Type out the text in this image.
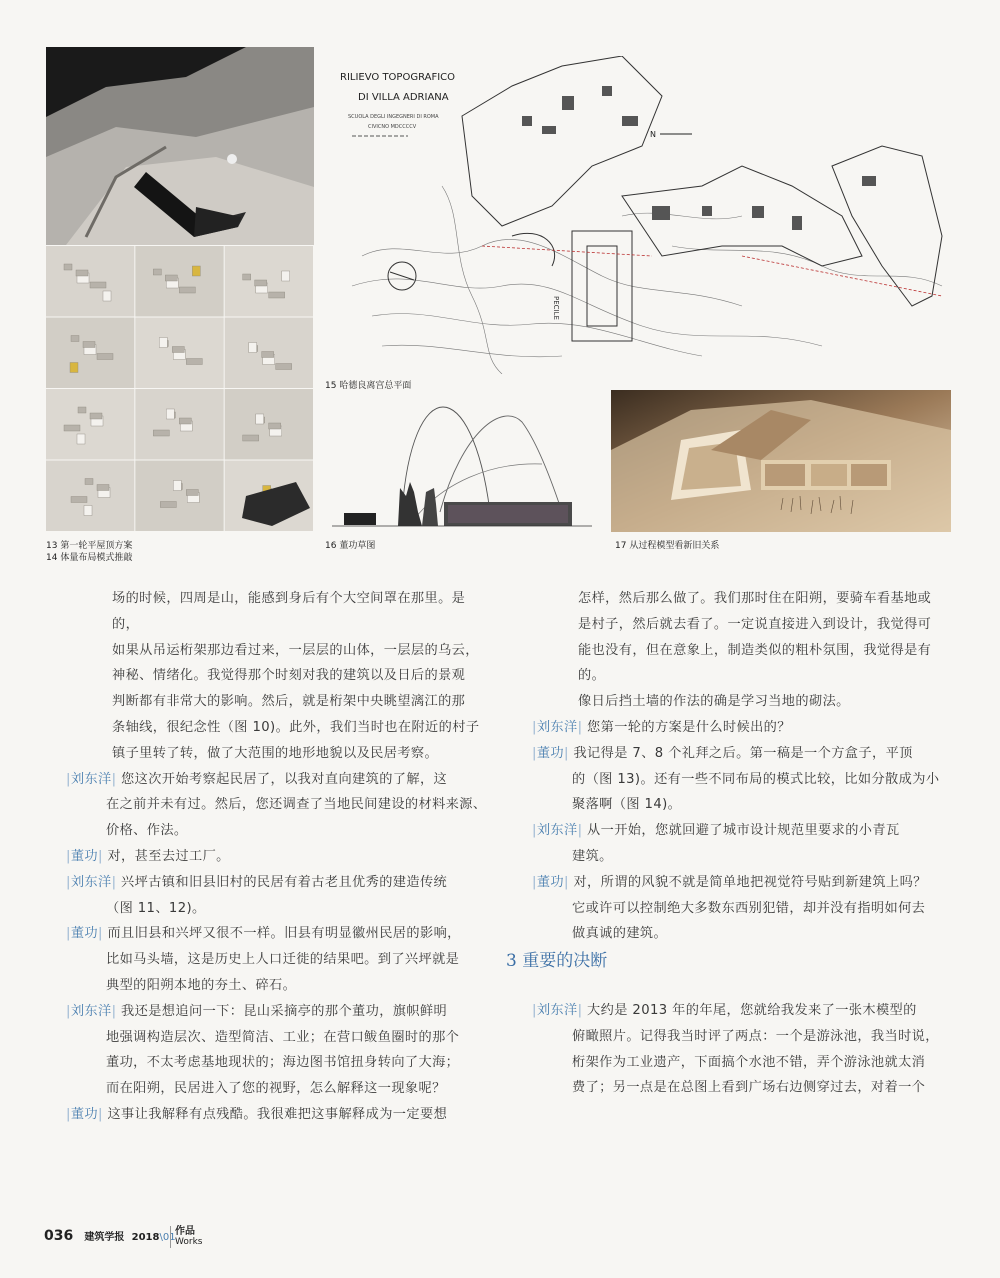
13 第一轮平屋顶方案
14 体量布局模式推敲
RILIEVO TOPOGRAFICO
DI VILLA ADRIANA
SCUOLA DEGLI INGEGNERI DI ROMA
CIVICNO MDCCCCV
N
PECILE
15 哈德良离宫总平面
16 董功草图	17 从过程模型看新旧关系

场的时候，四周是山，能感到身后有个大空间罩在那里。是的，
如果从吊运桁架那边看过来，一层层的山体，一层层的乌云，
神秘、情绪化。我觉得那个时刻对我的建筑以及日后的景观
判断都有非常大的影响。然后，就是桁架中央眺望漓江的那
条轴线，很纪念性（图 10)。此外，我们当时也在附近的村子
镇子里转了转，做了大范围的地形地貌以及民居考察。

|刘东洋| 您这次开始考察起民居了，以我对直向建筑的了解，这
在之前并未有过。然后，您还调查了当地民间建设的材料来源、
价格、作法。

|董功| 对，甚至去过工厂。

|刘东洋| 兴坪古镇和旧县旧村的民居有着古老且优秀的建造传统
（图 11、12)。

|董功| 而且旧县和兴坪又很不一样。旧县有明显徽州民居的影响，
比如马头墙，这是历史上人口迁徙的结果吧。到了兴坪就是
典型的阳朔本地的夯土、碎石。

|刘东洋| 我还是想追问一下：昆山采摘亭的那个董功，旗帜鲜明
地强调构造层次、造型简洁、工业；在营口鲅鱼圈时的那个
董功，不太考虑基地现状的；海边图书馆扭身转向了大海；
而在阳朔，民居进入了您的视野，怎么解释这一现象呢？

|董功| 这事让我解释有点残酷。我很难把这事解释成为一定要想

怎样，然后那么做了。我们那时住在阳朔，要骑车看基地或
是村子，然后就去看了。一定说直接进入到设计，我觉得可
能也没有，但在意象上，制造类似的粗朴氛围，我觉得是有的。
像日后挡土墙的作法的确是学习当地的砌法。

|刘东洋| 您第一轮的方案是什么时候出的？

|董功| 我记得是 7、8 个礼拜之后。第一稿是一个方盒子，平顶
的（图 13)。还有一些不同布局的模式比较，比如分散成为小
聚落啊（图 14)。

|刘东洋| 从一开始，您就回避了城市设计规范里要求的小青瓦
建筑。

|董功| 对，所谓的风貌不就是简单地把视觉符号贴到新建筑上吗？
它或许可以控制绝大多数东西别犯错，却并没有指明如何去
做真诚的建筑。

3 重要的决断

|刘东洋| 大约是 2013 年的年尾，您就给我发来了一张木模型的
俯瞰照片。记得我当时评了两点：一个是游泳池，我当时说，
桁架作为工业遗产，下面搞个水池不错，弄个游泳池就太消
费了；另一点是在总图上看到广场右边侧穿过去，对着一个

036 建筑学报 2018\01
作品
Works
